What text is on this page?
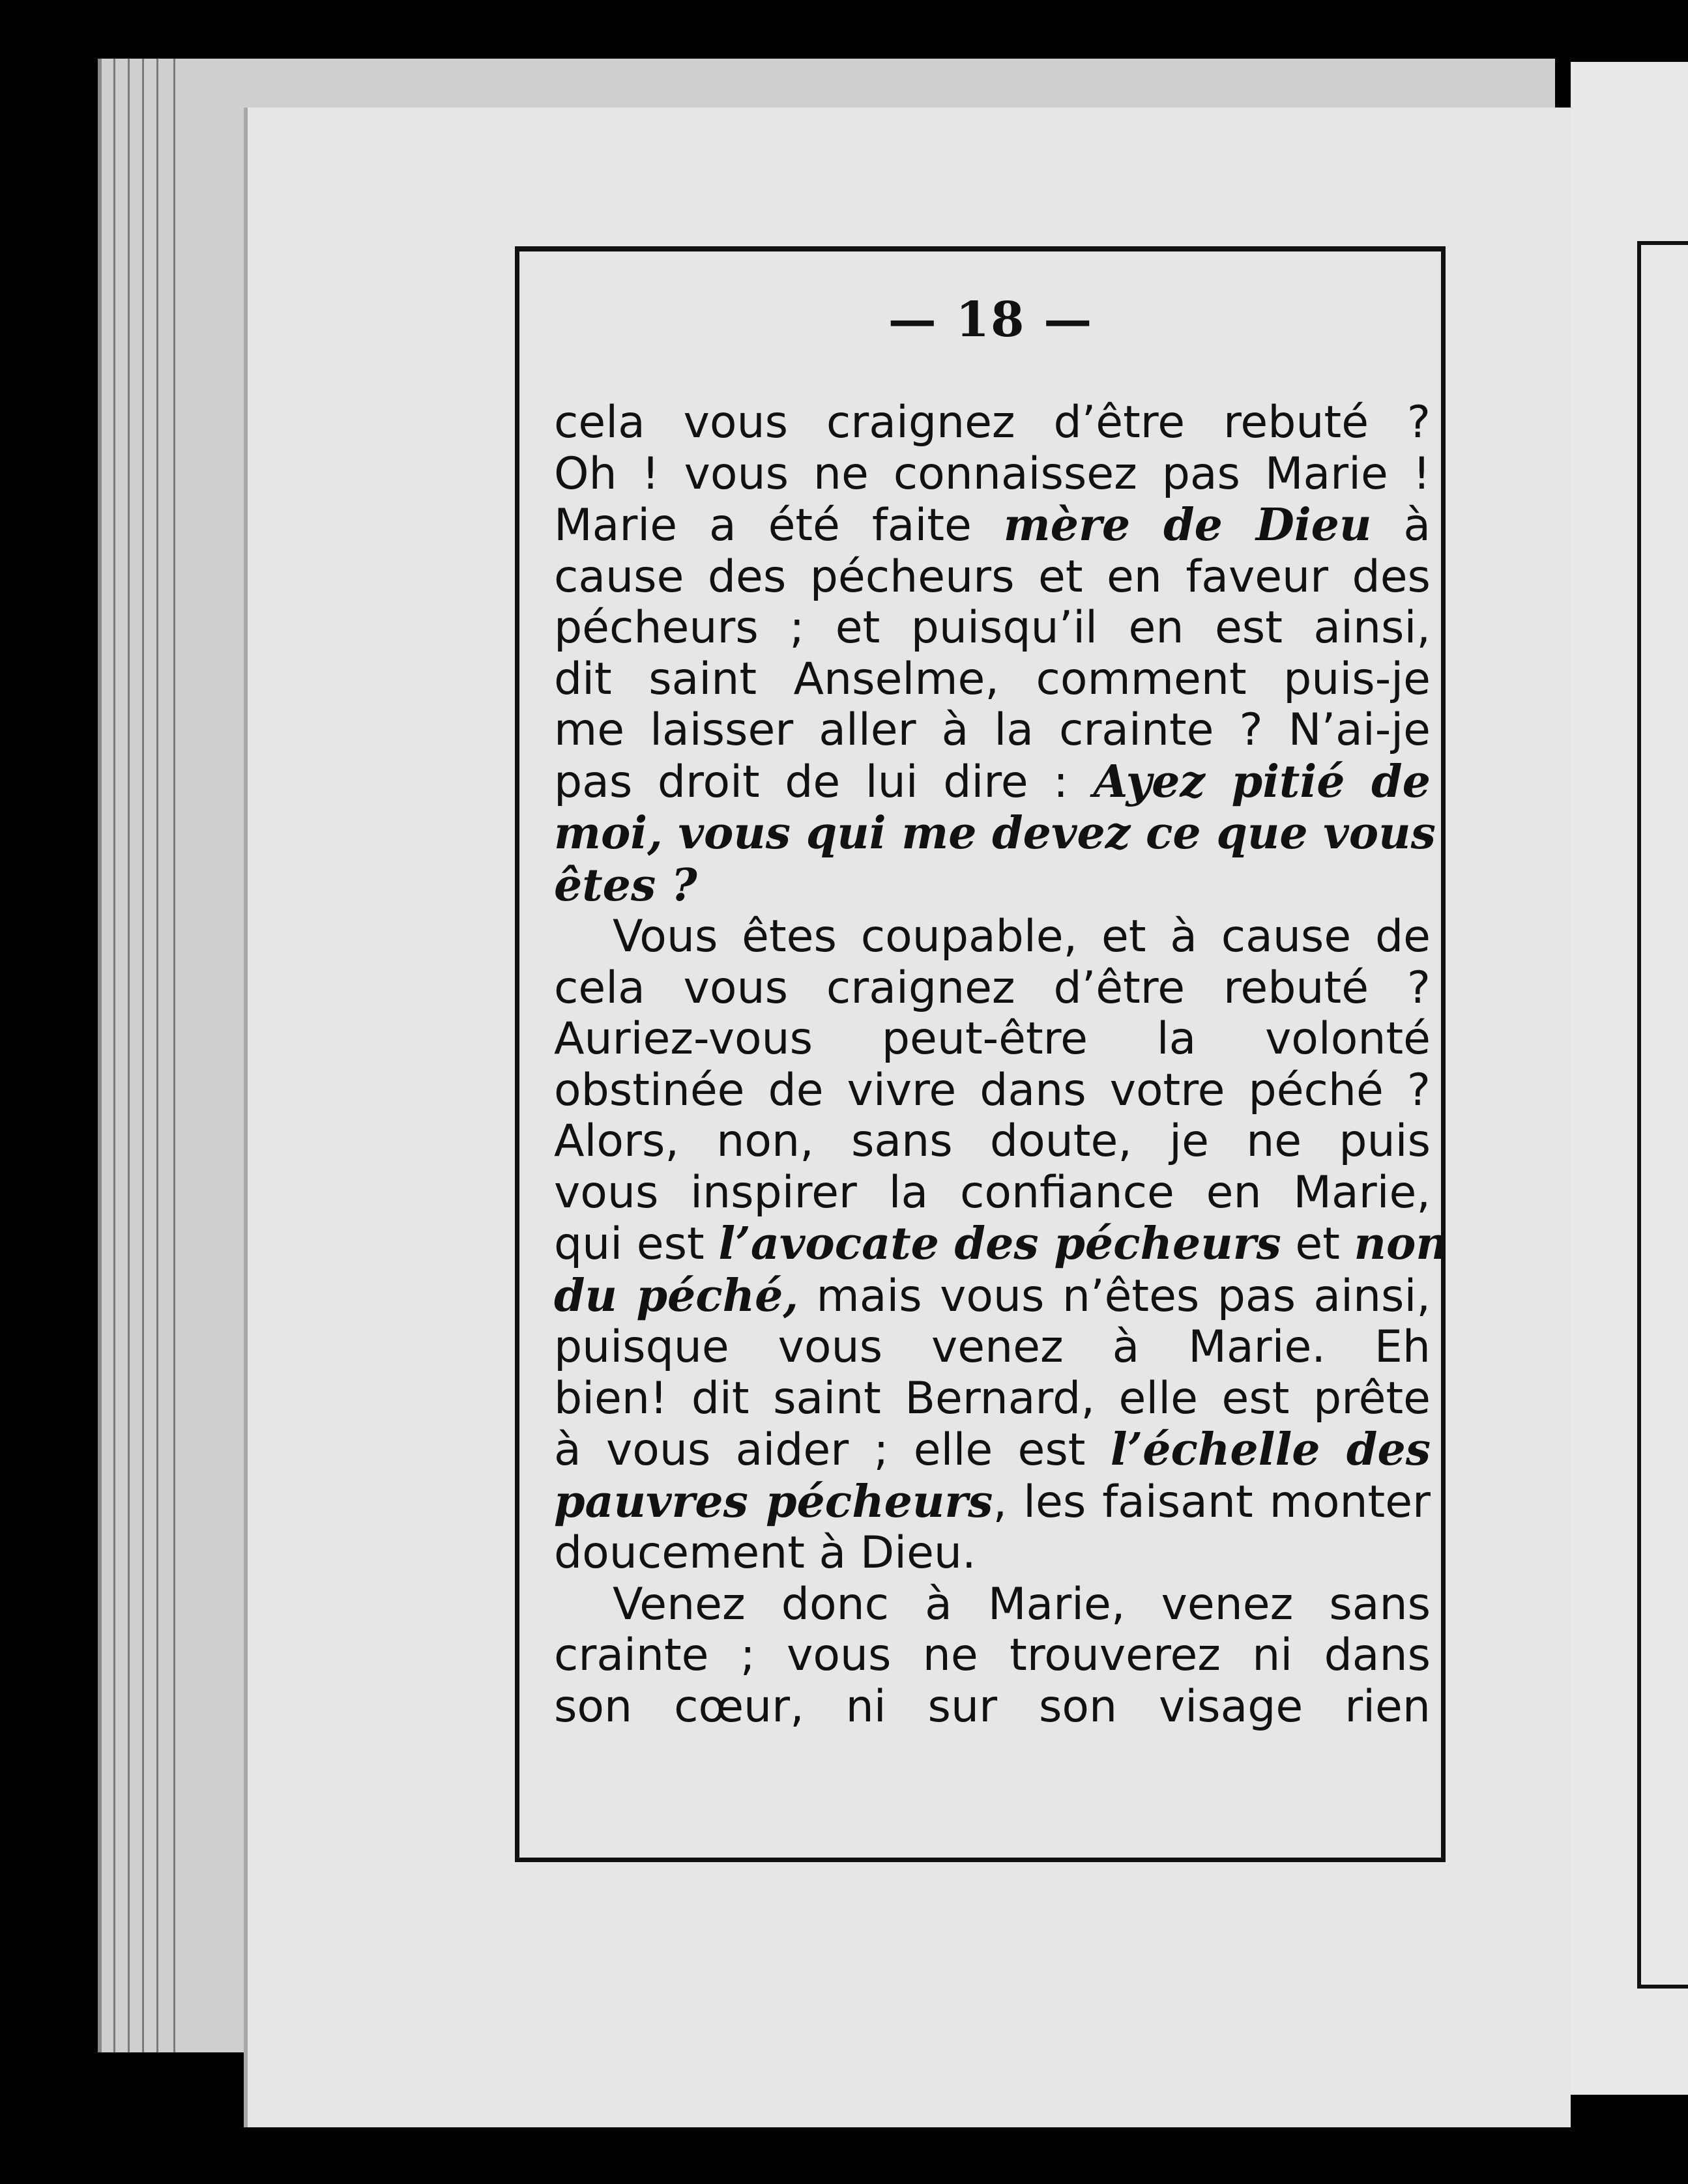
— 18 —
cela vous craignez d’être rebuté ?
Oh ! vous ne connaissez pas Marie !
Marie a été faite mère de Dieu à
cause des pécheurs et en faveur des
pécheurs ; et puisqu’il en est ainsi,
dit saint Anselme, comment puis-je
me laisser aller à la crainte ? N’ai-je
pas droit de lui dire : Ayez pitié de
moi, vous qui me devez ce que vous
êtes ?
Vous êtes coupable, et à cause de
cela vous craignez d’être rebuté ?
Auriez-vous peut-être la volonté
obstinée de vivre dans votre péché ?
Alors, non, sans doute, je ne puis
vous inspirer la confiance en Marie,
qui est l’avocate des pécheurs et non
du péché, mais vous n’êtes pas ainsi,
puisque vous venez à Marie. Eh
bien! dit saint Bernard, elle est prête
à vous aider ; elle est l’échelle des
pauvres pécheurs, les faisant monter
doucement à Dieu.
Venez donc à Marie, venez sans
crainte ; vous ne trouverez ni dans
son cœur, ni sur son visage rien
